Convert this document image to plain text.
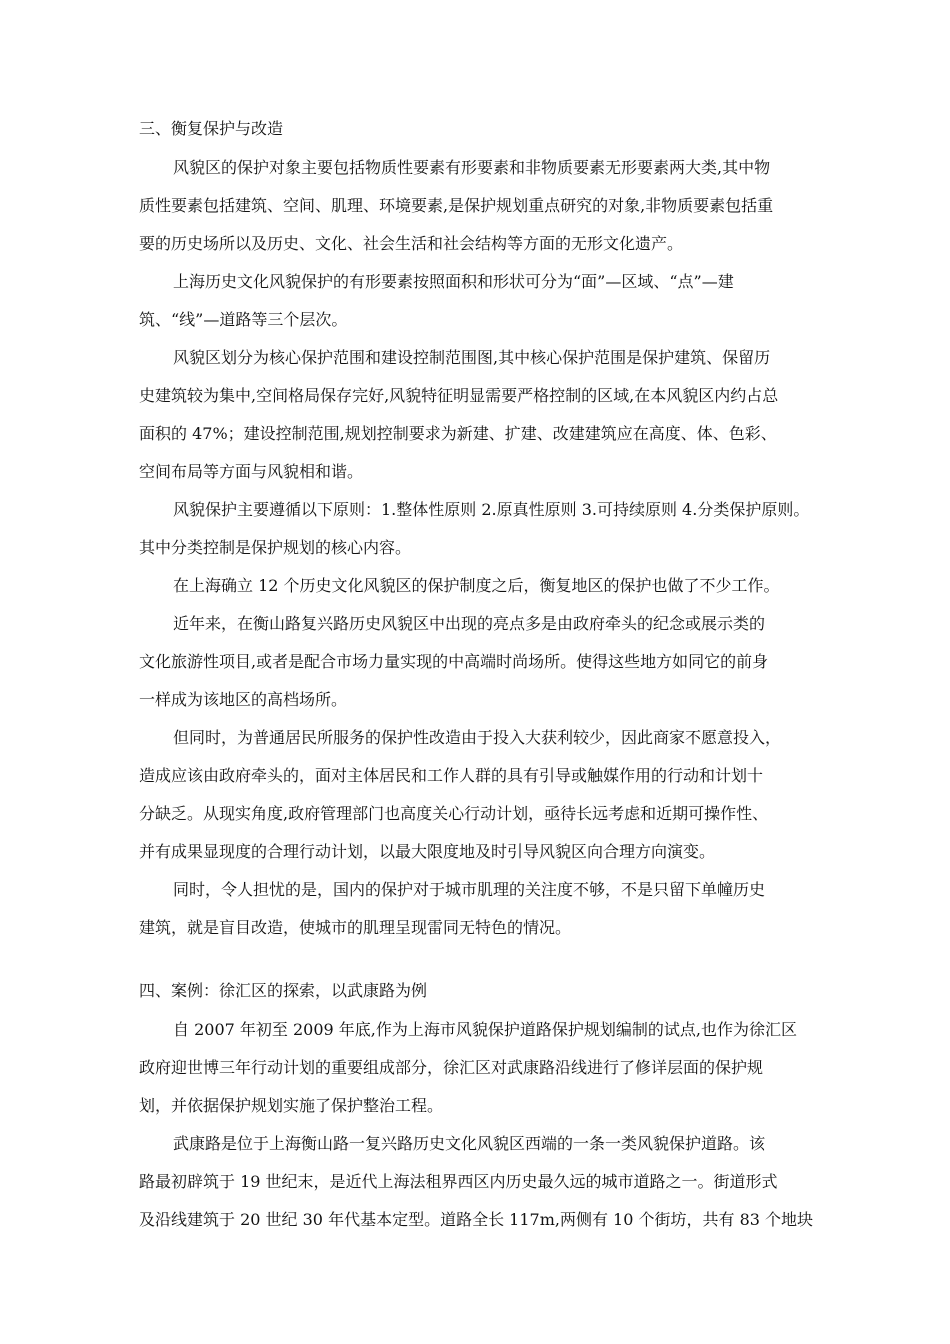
三、衡复保护与改造
风貌区的保护对象主要包括物质性要素有形要素和非物质要素无形要素两大类,其中物
质性要素包括建筑、空间、肌理、环境要素,是保护规划重点研究的对象,非物质要素包括重
要的历史场所以及历史、文化、社会生活和社会结构等方面的无形文化遗产。
上海历史文化风貌保护的有形要素按照面积和形状可分为“面”—区域、“点”—建
筑、“线”—道路等三个层次。
风貌区划分为核心保护范围和建设控制范围图,其中核心保护范围是保护建筑、保留历
史建筑较为集中,空间格局保存完好,风貌特征明显需要严格控制的区域,在本风貌区内约占总
面积的 47%；建设控制范围,规划控制要求为新建、扩建、改建建筑应在高度、体、色彩、
空间布局等方面与风貌相和谐。
风貌保护主要遵循以下原则：1.整体性原则 2.原真性原则 3.可持续原则 4.分类保护原则。
其中分类控制是保护规划的核心内容。
在上海确立 12 个历史文化风貌区的保护制度之后，衡复地区的保护也做了不少工作。
近年来，在衡山路复兴路历史风貌区中出现的亮点多是由政府牵头的纪念或展示类的
文化旅游性项目,或者是配合市场力量实现的中高端时尚场所。使得这些地方如同它的前身
一样成为该地区的高档场所。
但同时，为普通居民所服务的保护性改造由于投入大获利较少，因此商家不愿意投入，
造成应该由政府牵头的，面对主体居民和工作人群的具有引导或触媒作用的行动和计划十
分缺乏。从现实角度,政府管理部门也高度关心行动计划，亟待长远考虑和近期可操作性、
并有成果显现度的合理行动计划，以最大限度地及时引导风貌区向合理方向演变。
同时，令人担忧的是，国内的保护对于城市肌理的关注度不够，不是只留下单幢历史
建筑，就是盲目改造，使城市的肌理呈现雷同无特色的情况。
四、案例：徐汇区的探索，以武康路为例
自 2007 年初至 2009 年底,作为上海市风貌保护道路保护规划编制的试点,也作为徐汇区
政府迎世博三年行动计划的重要组成部分，徐汇区对武康路沿线进行了修详层面的保护规
划，并依据保护规划实施了保护整治工程。
武康路是位于上海衡山路一复兴路历史文化风貌区西端的一条一类风貌保护道路。该
路最初辟筑于 19 世纪末，是近代上海法租界西区内历史最久远的城市道路之一。街道形式
及沿线建筑于 20 世纪 30 年代基本定型。道路全长 117m,两侧有 10 个街坊，共有 83 个地块
